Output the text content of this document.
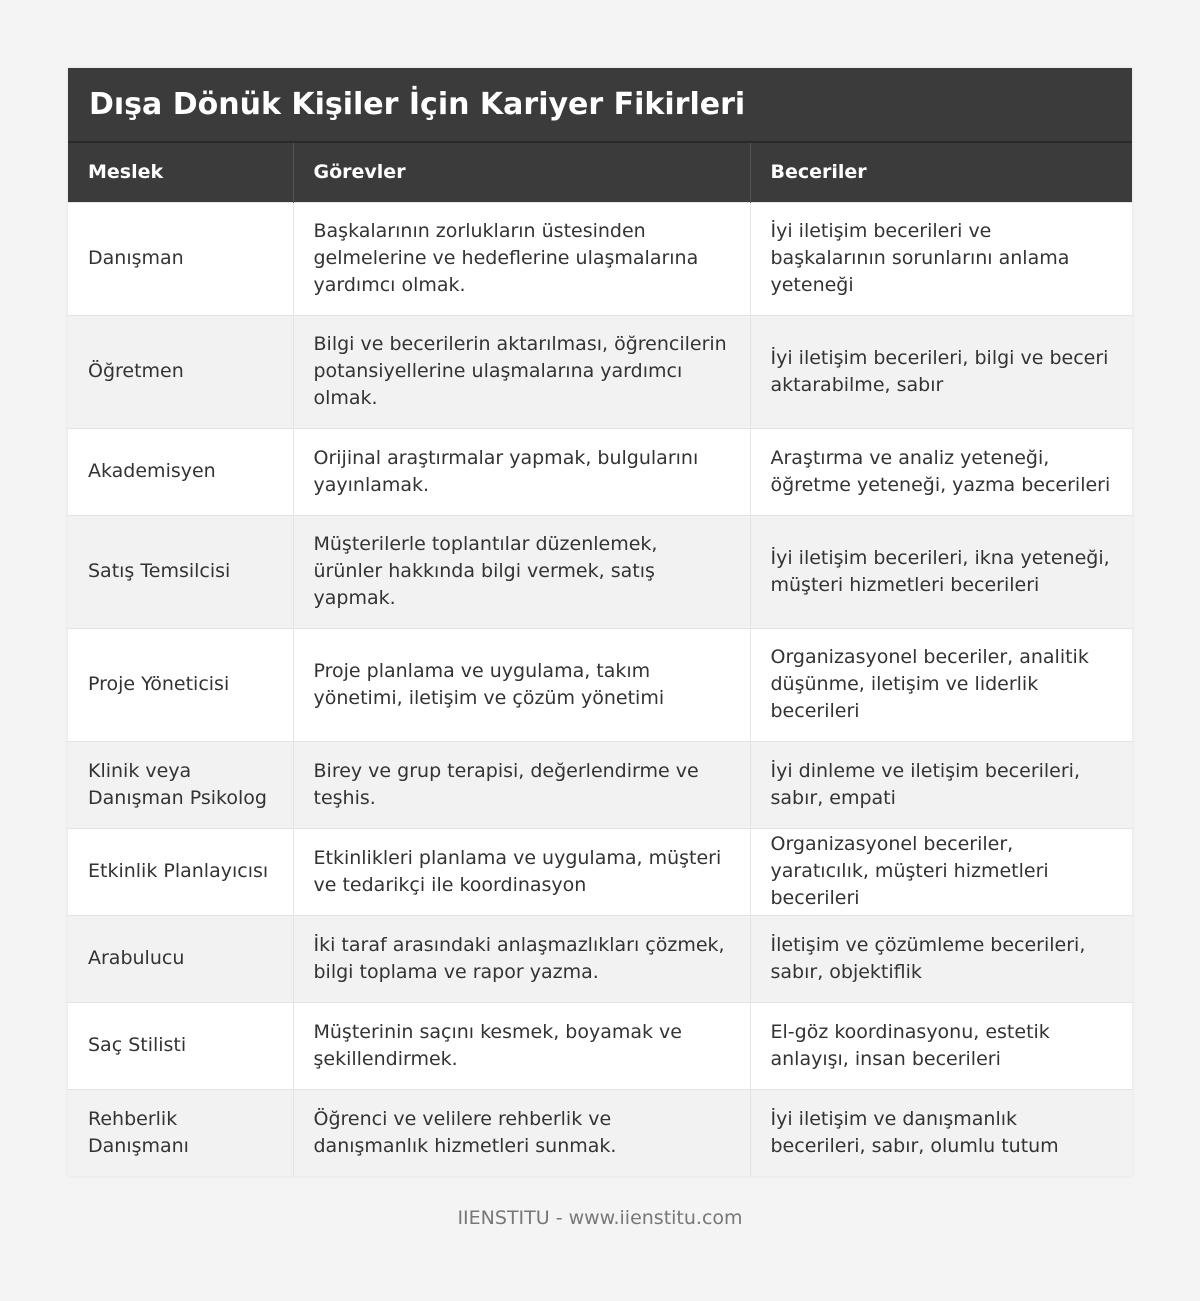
Dışa Dönük Kişiler İçin Kariyer Fikirleri
Meslek	Görevler	Beceriler
Danışman	Başkalarının zorlukların üstesinden gelmelerine ve hedeflerine ulaşmalarına yardımcı olmak.	İyi iletişim becerileri ve başkalarının sorunlarını anlama yeteneği
Öğretmen	Bilgi ve becerilerin aktarılması, öğrencilerin potansiyellerine ulaşmalarına yardımcı olmak.	İyi iletişim becerileri, bilgi ve beceri aktarabilme, sabır
Akademisyen	Orijinal araştırmalar yapmak, bulgularını yayınlamak.	Araştırma ve analiz yeteneği, öğretme yeteneği, yazma becerileri
Satış Temsilcisi	Müşterilerle toplantılar düzenlemek, ürünler hakkında bilgi vermek, satış yapmak.	İyi iletişim becerileri, ikna yeteneği, müşteri hizmetleri becerileri
Proje Yöneticisi	Proje planlama ve uygulama, takım yönetimi, iletişim ve çözüm yönetimi	Organizasyonel beceriler, analitik düşünme, iletişim ve liderlik becerileri
Klinik veya Danışman Psikolog	Birey ve grup terapisi, değerlendirme ve teşhis.	İyi dinleme ve iletişim becerileri, sabır, empati
Etkinlik Planlayıcısı	Etkinlikleri planlama ve uygulama, müşteri ve tedarikçi ile koordinasyon	Organizasyonel beceriler, yaratıcılık, müşteri hizmetleri becerileri
Arabulucu	İki taraf arasındaki anlaşmazlıkları çözmek, bilgi toplama ve rapor yazma.	İletişim ve çözümleme becerileri, sabır, objektiflik
Saç Stilisti	Müşterinin saçını kesmek, boyamak ve şekillendirmek.	El-göz koordinasyonu, estetik anlayışı, insan becerileri
Rehberlik Danışmanı	Öğrenci ve velilere rehberlik ve danışmanlık hizmetleri sunmak.	İyi iletişim ve danışmanlık becerileri, sabır, olumlu tutum
IIENSTITU - www.iienstitu.com
